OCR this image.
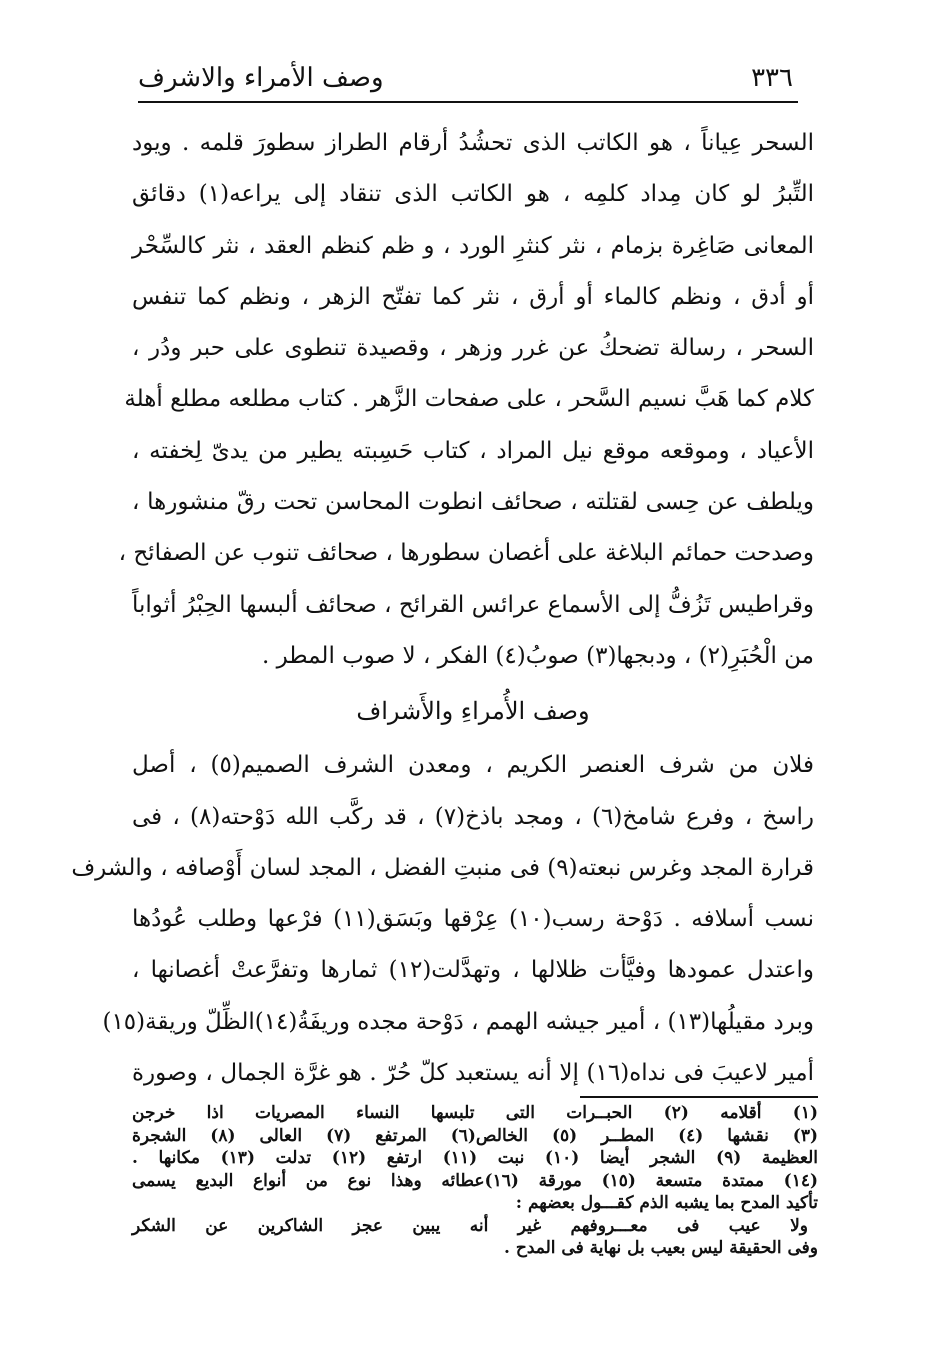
٣٣٦
وصف الأمراء والاشرف
السحر عِياناً ، هو الكاتب الذى تحشُدُ أرقام الطراز سطورَ قلمه . ويود
التِّبرُ لو كان مِداد كلمِه ، هو الكاتب الذى تنقاد إلى يراعه(١) دقائق
المعانى صَاغِرة بزمام ، نثر كنثرِ الورد ، و ظم كنظم العقد ، نثر كالسِّحْر
أو أدق ، ونظم كالماء أو أرق ، نثر كما تفتّح الزهر ، ونظم كما تنفس
السحر ، رسالة تضحكُ عن غرر وزهر ، وقصيدة تنطوى على حبر ودُر ،
كلام كما هَبَّ نسيم السَّحر ، على صفحات الزَّهر . كتاب مطلعه مطلع أهلة
الأعياد ، وموقعه موقع نيل المراد ، كتاب حَسِبته يطير من يدىّ لِخفته ،
ويلطف عن حِسى لقتلته ، صحائف انطوت المحاسن تحت رقّ منشورها ،
وصدحت حمائم البلاغة على أغصان سطورها ، صحائف تنوب عن الصفائح ،
وقراطيس تَزُفُّ إلى الأسماع عرائس القرائح ، صحائف ألبسها الحِبْرُ أثواباً
من الْحُبَرِ(٢) ، ودبجها(٣) صوبُ(٤) الفكر ، لا صوب المطر .
وصف الأُمراءِ والأَشراف
فلان من شرف العنصر الكريم ، ومعدن الشرف الصميم(٥) ، أصل
راسخ ، وفرع شامخ(٦) ، ومجد باذخ(٧) ، قد ركَّب الله دَوْحته(٨) ، فى
قرارة المجد وغرس نبعته(٩) فى منبتِ الفضل ، المجد لسان أَوْصافه ، والشرف
نسب أسلافه . دَوْحة رسب(١٠) عِرْقها وبَسَق(١١) فرْعها وطلب عُودُها
واعتدل عمودها وفيَّأت ظلالها ، وتهدَّلت(١٢) ثمارها وتفرَّعتْ أغصانها ،
وبرد مقيلُها(١٣) ، أمير جيشه الهمم ، دَوْحة مجده وريفَةُ(١٤)الظِّلّ وريقة(١٥)
أمير لاعيبَ فى نداه(١٦) إلا أنه يستعبد كلّ حُرّ . هو غرَّة الجمال ، وصورة
(١) أقلامه (٢) الحبــرات التى تلبسها النساء المصريات اذا خرجن
(٣) نقشها (٤) المطــر (٥) الخالص(٦) المرتفع (٧) العالى (٨) الشجرة
العظيمة (٩) الشجر أيضا (١٠) نبت (١١) ارتفع (١٢) تدلت (١٣) مكانها .
(١٤) ممتدة متسعة (١٥) مورقة (١٦)عطائه وهذا نوع من أنواع البديع يسمى
تأكيد المدح بما يشبه الذم كقـــول بعضهم :
ولا عيب فى معـــروفهم غير أنه يبين عجز الشاكرين عن الشكر
وفى الحقيقة ليس بعيب بل نهاية فى المدح .
